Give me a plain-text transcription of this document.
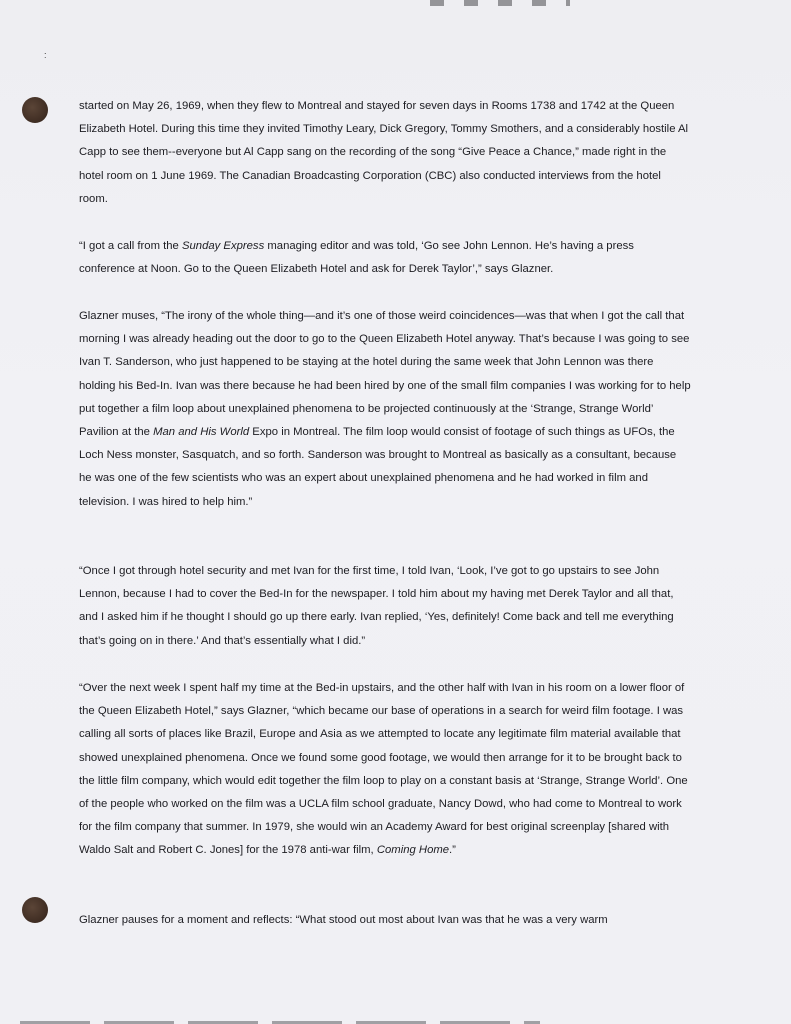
:

started on May 26, 1969, when they flew to Montreal and stayed for seven days in Rooms 1738 and 1742 at the Queen Elizabeth Hotel. During this time they invited Timothy Leary, Dick Gregory, Tommy Smothers, and a considerably hostile Al Capp to see them--everyone but Al Capp sang on the recording of the song “Give Peace a Chance,” made right in the hotel room on 1 June 1969. The Canadian Broadcasting Corporation (CBC) also conducted interviews from the hotel room.

“I got a call from the Sunday Express managing editor and was told, ‘Go see John Lennon. He’s having a press conference at Noon. Go to the Queen Elizabeth Hotel and ask for Derek Taylor’,” says Glazner.

Glazner muses, “The irony of the whole thing—and it’s one of those weird coincidences—was that when I got the call that morning I was already heading out the door to go to the Queen Elizabeth Hotel anyway. That’s because I was going to see Ivan T. Sanderson, who just happened to be staying at the hotel during the same week that John Lennon was there holding his Bed-In. Ivan was there because he had been hired by one of the small film companies I was working for to help put together a film loop about unexplained phenomena to be projected continuously at the ‘Strange, Strange World’ Pavilion at the Man and His World Expo in Montreal. The film loop would consist of footage of such things as UFOs, the Loch Ness monster, Sasquatch, and so forth. Sanderson was brought to Montreal as basically as a consultant, because he was one of the few scientists who was an expert about unexplained phenomena and he had worked in film and television. I was hired to help him.”

“Once I got through hotel security and met Ivan for the first time, I told Ivan, ‘Look, I’ve got to go upstairs to see John Lennon, because I had to cover the Bed-In for the newspaper. I told him about my having met Derek Taylor and all that, and I asked him if he thought I should go up there early. Ivan replied, ‘Yes, definitely! Come back and tell me everything that’s going on in there.’ And that’s essentially what I did.”

“Over the next week I spent half my time at the Bed-in upstairs, and the other half with Ivan in his room on a lower floor of the Queen Elizabeth Hotel,” says Glazner, “which became our base of operations in a search for weird film footage. I was calling all sorts of places like Brazil, Europe and Asia as we attempted to locate any legitimate film material available that showed unexplained phenomena. Once we found some good footage, we would then arrange for it to be brought back to the little film company, which would edit together the film loop to play on a constant basis at ‘Strange, Strange World’. One of the people who worked on the film was a UCLA film school graduate, Nancy Dowd, who had come to Montreal to work for the film company that summer. In 1979, she would win an Academy Award for best original screenplay [shared with Waldo Salt and Robert C. Jones] for the 1978 anti-war film, Coming Home.”

Glazner pauses for a moment and reflects: “What stood out most about Ivan was that he was a very warm
